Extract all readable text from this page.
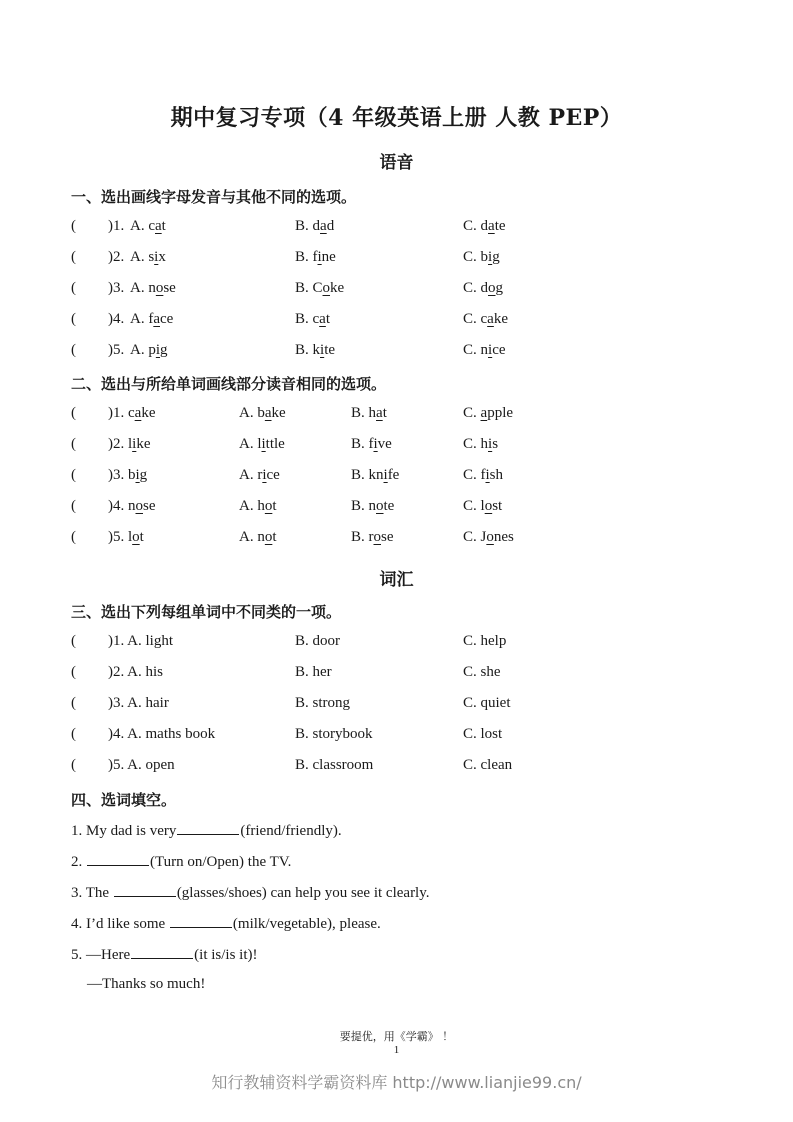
期中复习专项（4 年级英语上册 人教 PEP）
语音
一、选出画线字母发音与其他不同的选项。
( )1. A. cat	B. dad	C. date
( )2. A. six	B. fine	C. big
( )3. A. nose	B. Coke	C. dog
( )4. A. face	B. cat	C. cake
( )5. A. pig	B. kite	C. nice
二、选出与所给单词画线部分读音相同的选项。
( )1. cake	A. bake	B. hat	C. apple
( )2. like	A. little	B. five	C. his
( )3. big	A. rice	B. knife	C. fish
( )4. nose	A. hot	B. note	C. lost
( )5. lot	A. not	B. rose	C. Jones
词汇
三、选出下列每组单词中不同类的一项。
( )1. A. light	B. door	C. help
( )2. A. his	B. her	C. she
( )3. A. hair	B. strong	C. quiet
( )4. A. maths book	B. storybook	C. lost
( )5. A. open	B. classroom	C. clean
四、选词填空。
1. My dad is very	(friend/friendly).
2.	(Turn on/Open) the TV.
3. The	(glasses/shoes) can help you see it clearly.
4. I’d like some	(milk/vegetable), please.
5. —Here	(it is/is it)!
—Thanks so much!
要提优，用《学霸》 ！
1
知行教辅资料学霸资料库 http://www.lianjie99.cn/
